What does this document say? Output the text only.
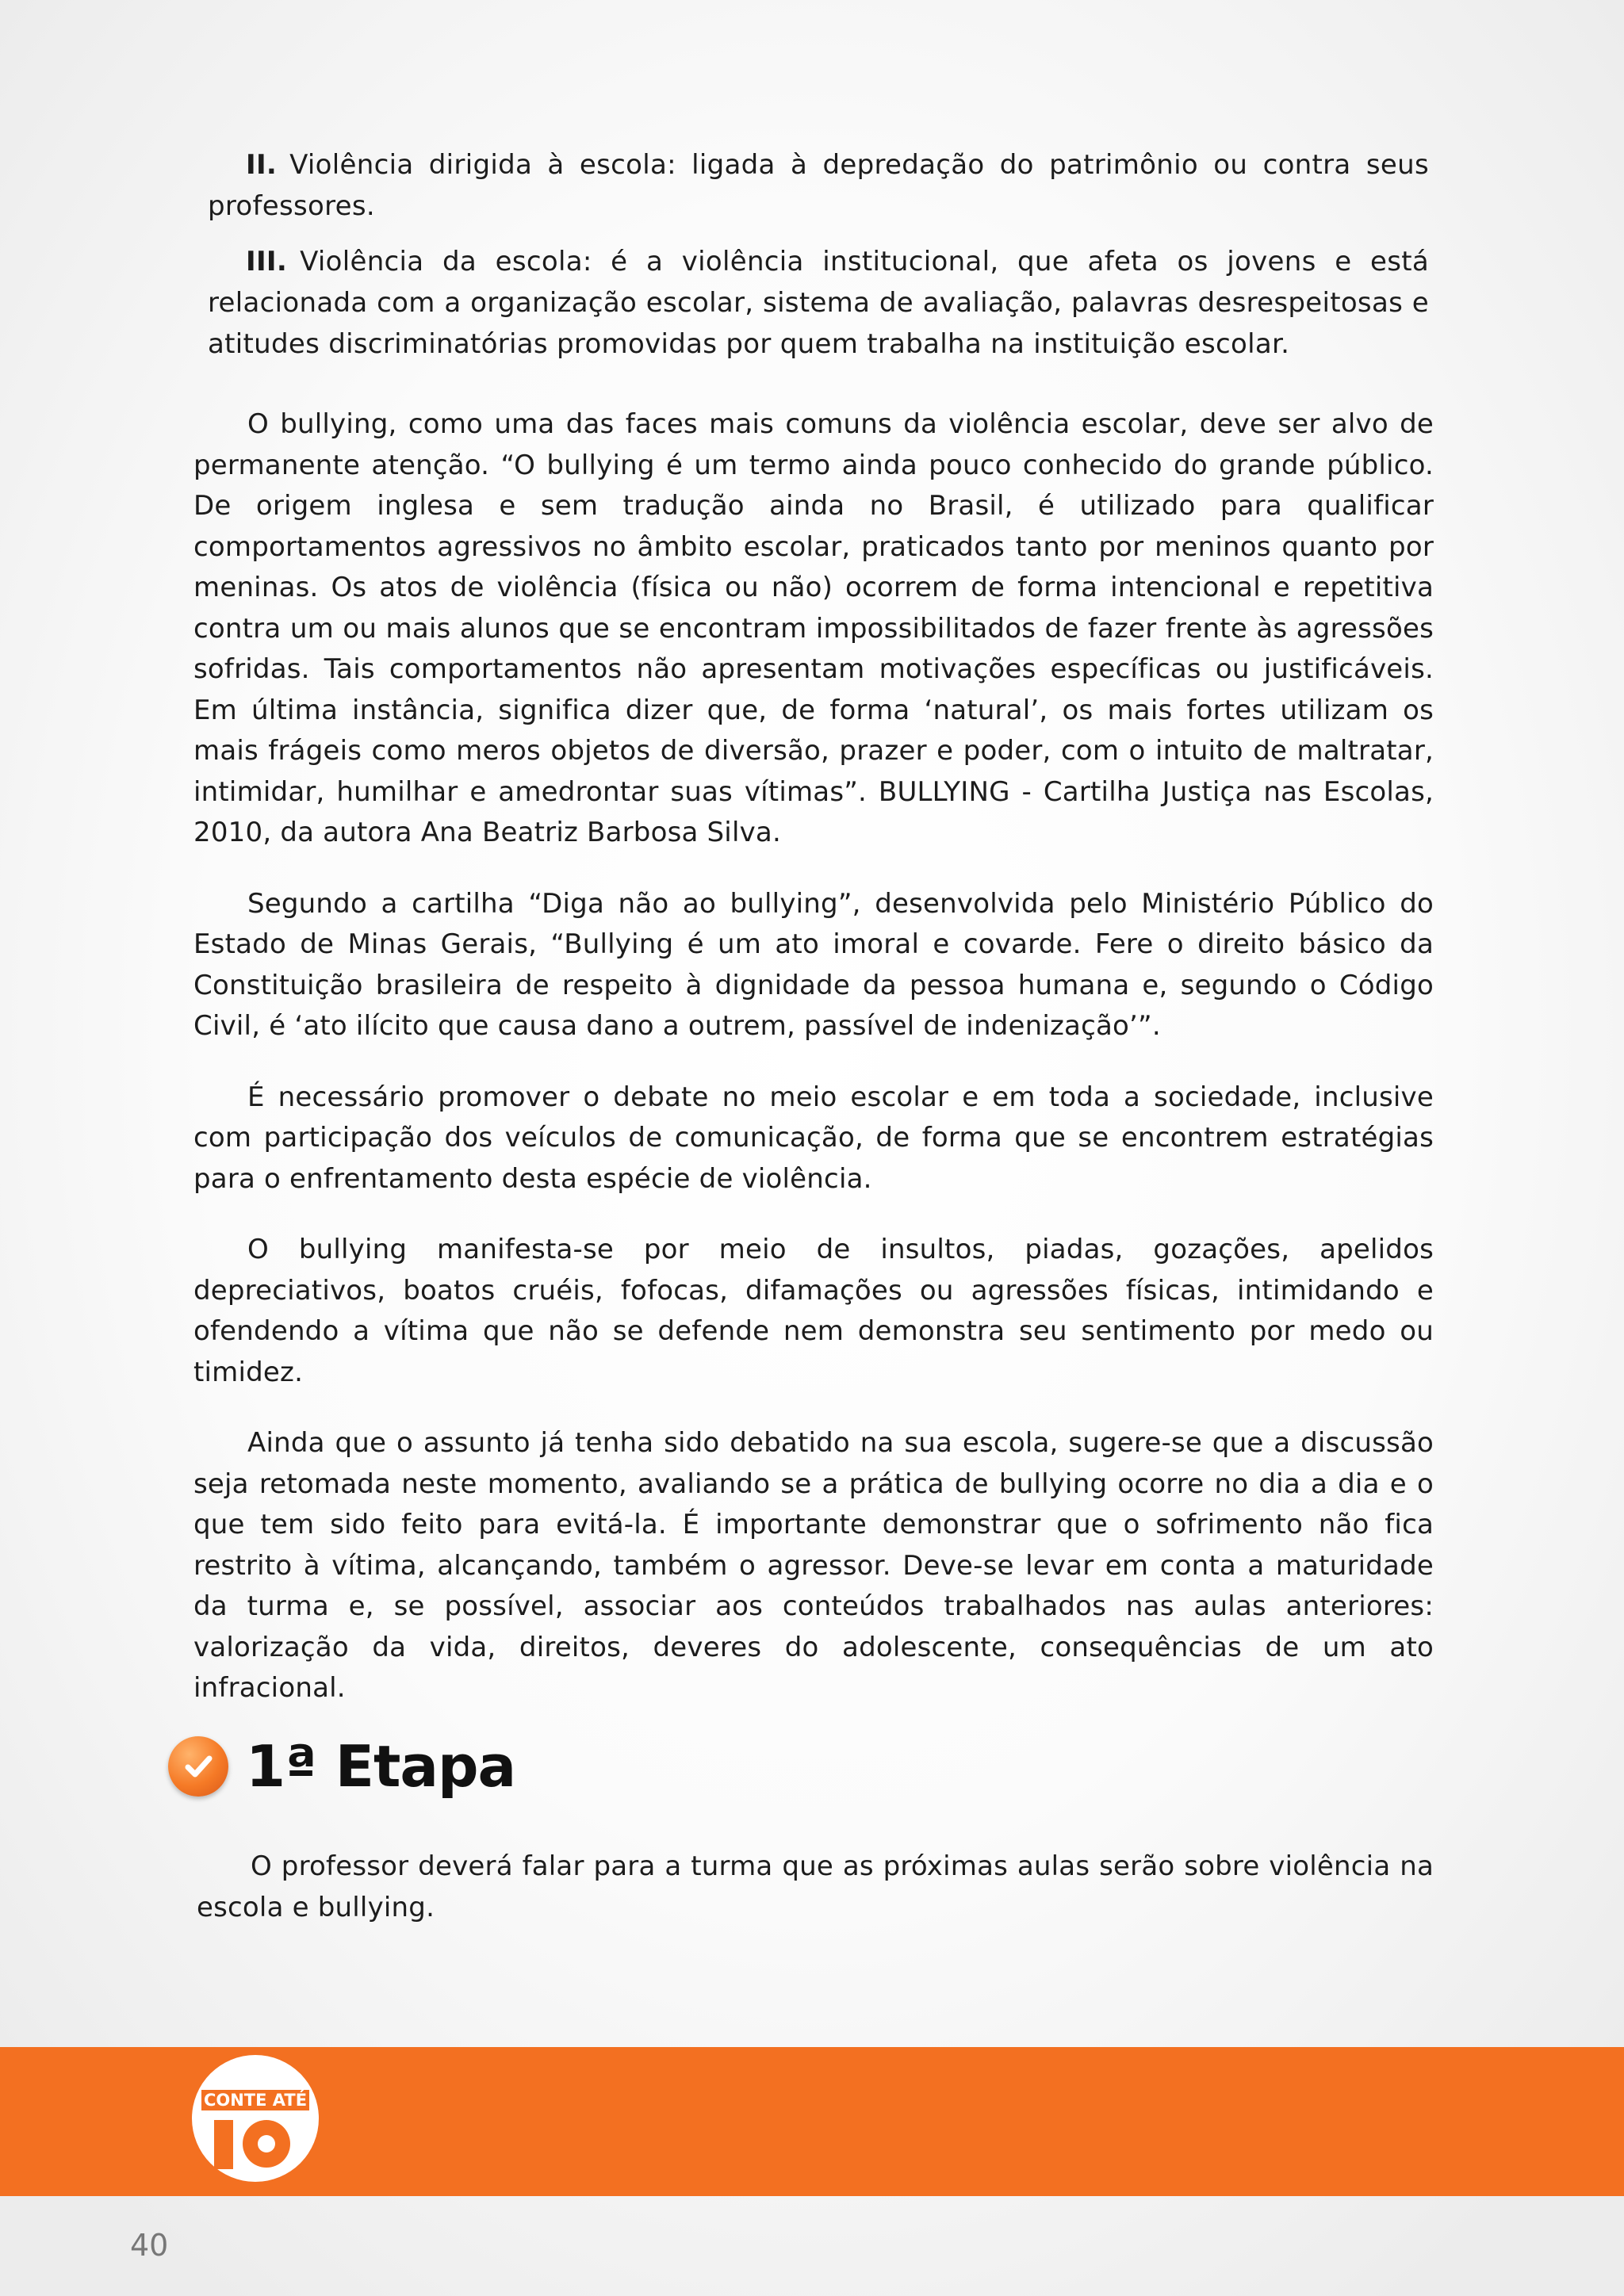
II. Violência dirigida à escola: ligada à depredação do patrimônio ou contra seus professores.

III. Violência da escola: é a violência institucional, que afeta os jovens e está relacionada com a organização escolar, sistema de avaliação, palavras desrespeitosas e atitudes discriminatórias promovidas por quem trabalha na instituição escolar.

O bullying, como uma das faces mais comuns da violência escolar, deve ser alvo de permanente atenção. “O bullying é um termo ainda pouco conhecido do grande público. De origem inglesa e sem tradução ainda no Brasil, é utilizado para qualificar comportamentos agressivos no âmbito escolar, praticados tanto por meninos quanto por meninas. Os atos de violência (física ou não) ocorrem de forma intencional e repetitiva contra um ou mais alunos que se encontram impossibilitados de fazer frente às agressões sofridas. Tais comportamentos não apresentam motivações específicas ou justificáveis. Em última instância, significa dizer que, de forma ‘natural’, os mais fortes utilizam os mais frágeis como meros objetos de diversão, prazer e poder, com o intuito de maltratar, intimidar, humilhar e amedrontar suas vítimas”. BULLYING - Cartilha Justiça nas Escolas, 2010, da autora Ana Beatriz Barbosa Silva.

Segundo a cartilha “Diga não ao bullying”, desenvolvida pelo Ministério Público do Estado de Minas Gerais, “Bullying é um ato imoral e covarde. Fere o direito básico da Constituição brasileira de respeito à dignidade da pessoa humana e, segundo o Código Civil, é ‘ato ilícito que causa dano a outrem, passível de indenização’”.

É necessário promover o debate no meio escolar e em toda a sociedade, inclusive com participação dos veículos de comunicação, de forma que se encontrem estratégias para o enfrentamento desta espécie de violência.

O bullying manifesta-se por meio de insultos, piadas, gozações, apelidos depreciativos, boatos cruéis, fofocas, difamações ou agressões físicas, intimidando e ofendendo a vítima que não se defende nem demonstra seu sentimento por medo ou timidez.

Ainda que o assunto já tenha sido debatido na sua escola, sugere-se que a discussão seja retomada neste momento, avaliando se a prática de bullying ocorre no dia a dia e o que tem sido feito para evitá-la. É importante demonstrar que o sofrimento não fica restrito à vítima, alcançando, também o agressor. Deve-se levar em conta a maturidade da turma e, se possível, associar aos conteúdos trabalhados nas aulas anteriores: valorização da vida, direitos, deveres do adolescente, consequências de um ato infracional.

1ª Etapa

O professor deverá falar para a turma que as próximas aulas serão sobre violência na escola e bullying.

CONTE ATÉ
40
